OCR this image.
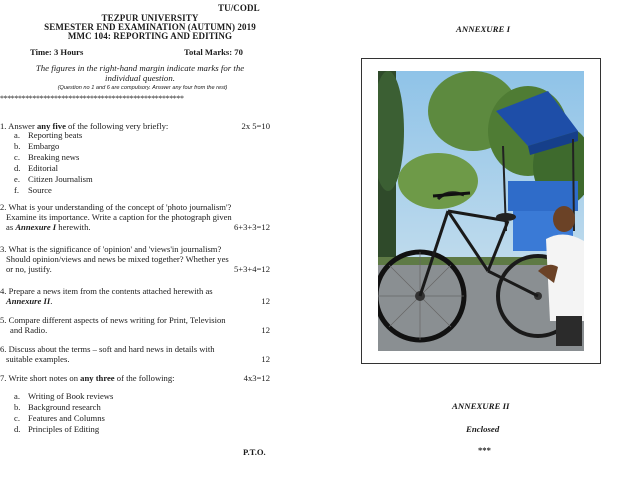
TU/CODL
TEZPUR UNIVERSITY
SEMESTER END EXAMINATION (AUTUMN) 2019
MMC 104: REPORTING AND EDITING
Time: 3 Hours	Total Marks: 70
The figures in the right-hand margin indicate marks for the
individual question.
(Question no 1 and 6 are compulsory. Answer any four from the rest)
***************************************************
1. Answer any five of the following very briefly:	2x 5=10
a. Reporting beats
b. Embargo
c. Breaking news
d. Editorial
e. Citizen Journalism
f. Source
2. What is your understanding of the concept of 'photo journalism'?
Examine its importance. Write a caption for the photograph given
as Annexure I herewith.	6+3+3=12
3. What is the significance of 'opinion' and 'views'in journalism?
Should opinion/views and news be mixed together? Whether yes
or no, justify.	5+3+4=12
4. Prepare a news item from the contents attached herewith as
Annexure II.	12
5. Compare different aspects of news writing for Print, Television
and Radio.	12
6. Discuss about the terms – soft and hard news in details with
suitable examples.	12
7. Write short notes on any three of the following:	4x3=12
a. Writing of Book reviews
b. Background research
c. Features and Columns
d. Principles of Editing
P.T.O.
ANNEXURE I
ANNEXURE II
Enclosed
***
